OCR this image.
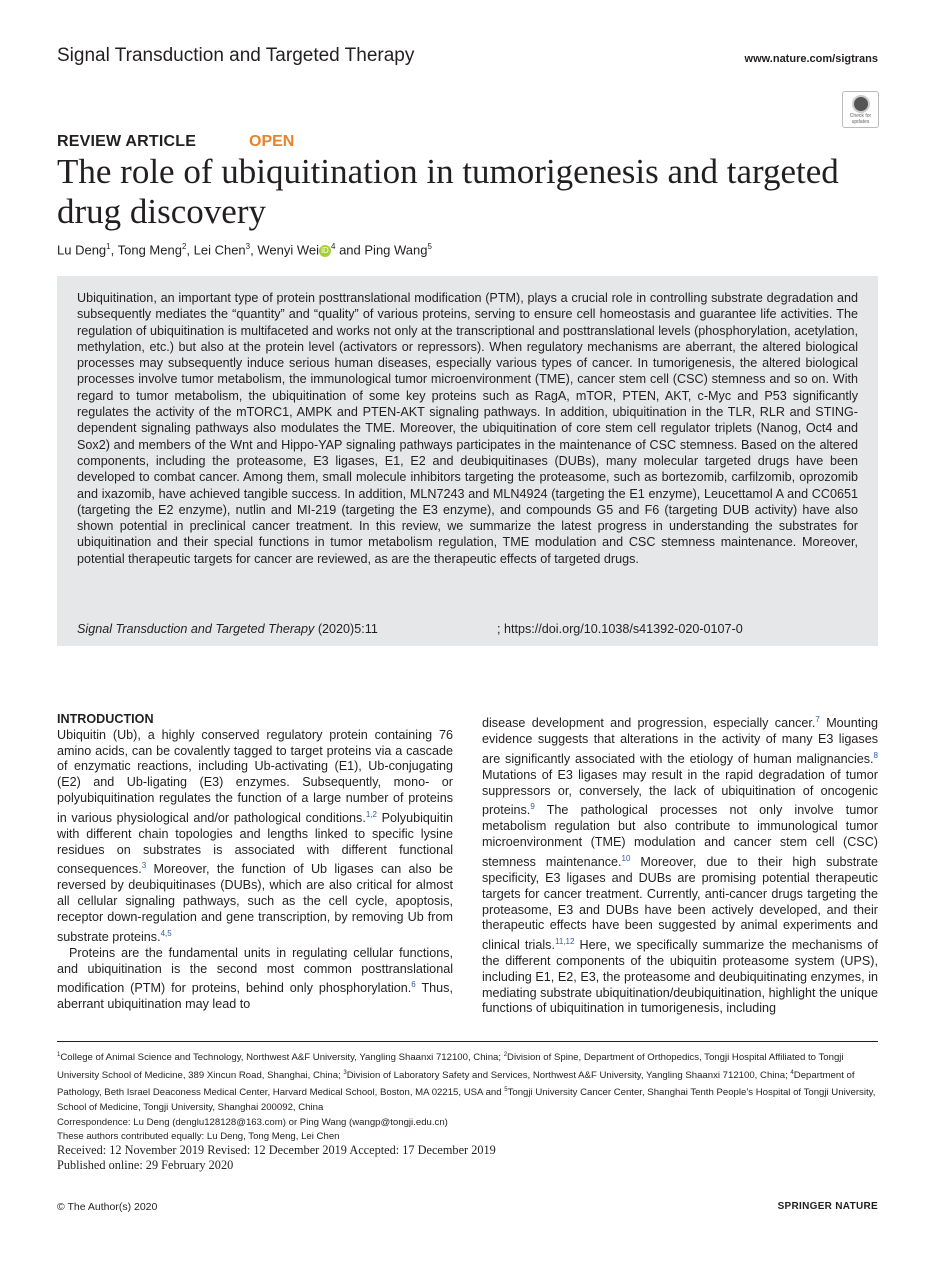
Signal Transduction and Targeted Therapy	www.nature.com/sigtrans
Check for updates
REVIEW ARTICLE	OPEN
The role of ubiquitination in tumorigenesis and targeted drug discovery
Lu Deng$^1$, Tong Meng$^2$, Lei Chen$^3$, Wenyi Wei iD $^4$ and Ping Wang$^5$

Ubiquitination, an important type of protein posttranslational modification (PTM), plays a crucial role in controlling substrate degradation and subsequently mediates the “quantity” and “quality” of various proteins, serving to ensure cell homeostasis and guarantee life activities. The regulation of ubiquitination is multifaceted and works not only at the transcriptional and posttranslational levels (phosphorylation, acetylation, methylation, etc.) but also at the protein level (activators or repressors). When regulatory mechanisms are aberrant, the altered biological processes may subsequently induce serious human diseases, especially various types of cancer. In tumorigenesis, the altered biological processes involve tumor metabolism, the immunological tumor microenvironment (TME), cancer stem cell (CSC) stemness and so on. With regard to tumor metabolism, the ubiquitination of some key proteins such as RagA, mTOR, PTEN, AKT, c-Myc and P53 significantly regulates the activity of the mTORC1, AMPK and PTEN-AKT signaling pathways. In addition, ubiquitination in the TLR, RLR and STING-dependent signaling pathways also modulates the TME. Moreover, the ubiquitination of core stem cell regulator triplets (Nanog, Oct4 and Sox2) and members of the Wnt and Hippo-YAP signaling pathways participates in the maintenance of CSC stemness. Based on the altered components, including the proteasome, E3 ligases, E1, E2 and deubiquitinases (DUBs), many molecular targeted drugs have been developed to combat cancer. Among them, small molecule inhibitors targeting the proteasome, such as bortezomib, carfilzomib, oprozomib and ixazomib, have achieved tangible success. In addition, MLN7243 and MLN4924 (targeting the E1 enzyme), Leucettamol A and CC0651 (targeting the E2 enzyme), nutlin and MI-219 (targeting the E3 enzyme), and compounds G5 and F6 (targeting DUB activity) have also shown potential in preclinical cancer treatment. In this review, we summarize the latest progress in understanding the substrates for ubiquitination and their special functions in tumor metabolism regulation, TME modulation and CSC stemness maintenance. Moreover, potential therapeutic targets for cancer are reviewed, as are the therapeutic effects of targeted drugs.

Signal Transduction and Targeted Therapy (2020)5:11	; https://doi.org/10.1038/s41392-020-0107-0
INTRODUCTION

Ubiquitin (Ub), a highly conserved regulatory protein containing 76 amino acids, can be covalently tagged to target proteins via a cascade of enzymatic reactions, including Ub-activating (E1), Ub-conjugating (E2) and Ub-ligating (E3) enzymes. Subsequently, mono- or polyubiquitination regulates the function of a large number of proteins in various physiological and/or pathological conditions.$^{1,2}$ Polyubiquitin with different chain topologies and lengths linked to specific lysine residues on substrates is associated with different functional consequences.$^3$ Moreover, the function of Ub ligases can also be reversed by deubiquitinases (DUBs), which are also critical for almost all cellular signaling pathways, such as the cell cycle, apoptosis, receptor down-regulation and gene transcription, by removing Ub from substrate proteins.$^{4,5}$

Proteins are the fundamental units in regulating cellular functions, and ubiquitination is the second most common posttranslational modification (PTM) for proteins, behind only phosphorylation.$^6$ Thus, aberrant ubiquitination may lead to

disease development and progression, especially cancer.$^7$ Mounting evidence suggests that alterations in the activity of many E3 ligases are significantly associated with the etiology of human malignancies.$^8$ Mutations of E3 ligases may result in the rapid degradation of tumor suppressors or, conversely, the lack of ubiquitination of oncogenic proteins.$^9$ The pathological processes not only involve tumor metabolism regulation but also contribute to immunological tumor microenvironment (TME) modulation and cancer stem cell (CSC) stemness maintenance.$^{10}$ Moreover, due to their high substrate specificity, E3 ligases and DUBs are promising potential therapeutic targets for cancer treatment. Currently, anti-cancer drugs targeting the proteasome, E3 and DUBs have been actively developed, and their therapeutic effects have been suggested by animal experiments and clinical trials.$^{11,12}$ Here, we specifically summarize the mechanisms of the different components of the ubiquitin proteasome system (UPS), including E1, E2, E3, the proteasome and deubiquitinating enzymes, in mediating substrate ubiquitination/deubiquitination, highlight the unique functions of ubiquitination in tumorigenesis, including

$^1$College of Animal Science and Technology, Northwest A&F University, Yangling Shaanxi 712100, China; $^2$Division of Spine, Department of Orthopedics, Tongji Hospital Affiliated to Tongji University School of Medicine, 389 Xincun Road, Shanghai, China; $^3$Division of Laboratory Safety and Services, Northwest A&F University, Yangling Shaanxi 712100, China; $^4$Department of Pathology, Beth Israel Deaconess Medical Center, Harvard Medical School, Boston, MA 02215, USA and $^5$Tongji University Cancer Center, Shanghai Tenth People’s Hospital of Tongji University, School of Medicine, Tongji University, Shanghai 200092, China

Correspondence: Lu Deng (denglu128128@163.com) or Ping Wang (wangp@tongji.edu.cn)

These authors contributed equally: Lu Deng, Tong Meng, Lei Chen

Received: 12 November 2019 Revised: 12 December 2019 Accepted: 17 December 2019

Published online: 29 February 2020

© The Author(s) 2020	SPRINGER NATURE
